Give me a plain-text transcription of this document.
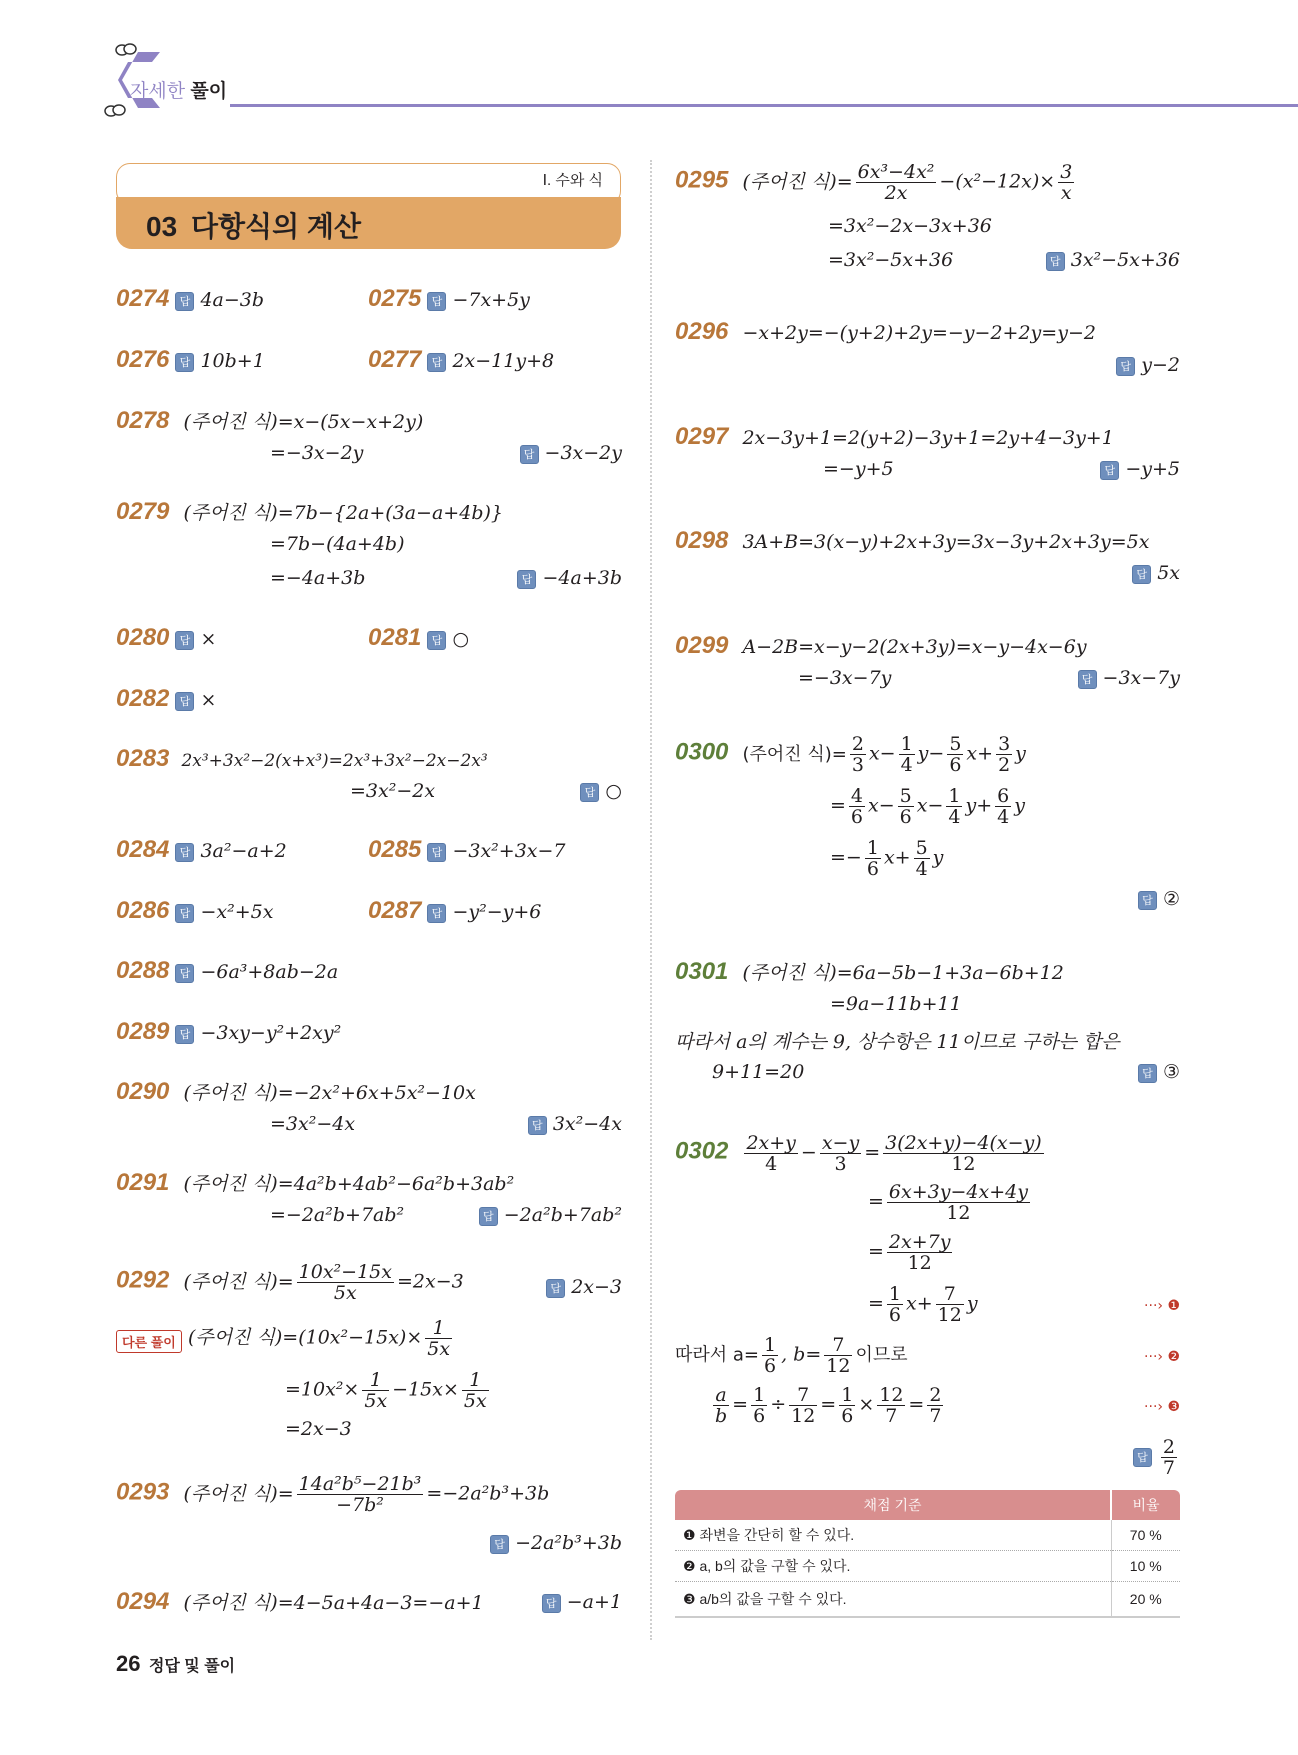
자세한 풀이
Ⅰ. 수와 식
03 다항식의 계산
0274 답 4a−3b	0275 답 −7x+5y
0276 답 10b+1	0277 답 2x−11y+8
0278 (주어진 식)=x−(5x−x+2y)
=−3x−2y	답 −3x−2y
0279 (주어진 식)=7b−{2a+(3a−a+4b)}
=7b−(4a+4b)
=−4a+3b	답 −4a+3b
0280 답 ×	0281 답 ○
0282 답 ×
0283 2x³+3x²−2(x+x³)=2x³+3x²−2x−2x³
=3x²−2x	답 ○
0284 답 3a²−a+2	0285 답 −3x²+3x−7
0286 답 −x²+5x	0287 답 −y²−y+6
0288 답 −6a³+8ab−2a
0289 답 −3xy−y²+2xy²
0290 (주어진 식)=−2x²+6x+5x²−10x
=3x²−4x	답 3x²−4x
0291 (주어진 식)=4a²b+4ab²−6a²b+3ab²
=−2a²b+7ab²	답 −2a²b+7ab²
0292 (주어진 식)= $\frac{\text{10x²−15x}}{5x} =2x-3$	답 2x−3
다른 풀이 (주어진 식)$=(10x^2-15x)\times \frac{1}{5x}$
$=10x^2\times \frac{1}{5x} -15x\times \frac{1}{5x}$
=2x−3
0293 (주어진 식)= $\frac{\text{14a²b⁵−21b³}}{\text{−7b²}} =-2a^2b^3+3b$
답 −2a²b³+3b
0294 (주어진 식)=4−5a+4a−3=−a+1	답 −a+1
0295 (주어진 식)= $\frac{\text{6x³−4x²}}{2x} -(x^2-12x)\times \frac{3}{x}$
=3x²−2x−3x+36
=3x²−5x+36	답 3x²−5x+36
0296 −x+2y=−(y+2)+2y=−y−2+2y=y−2
답 y−2
0297 2x−3y+1=2(y+2)−3y+1=2y+4−3y+1
=−y+5	답 −y+5
0298 3A+B=3(x−y)+2x+3y=3x−3y+2x+3y=5x
답 5x
0299 A−2B=x−y−2(2x+3y)=x−y−4x−6y
=−3x−7y	답 −3x−7y
0300 (주어진 식)= $\frac{2}{3} x- \frac{1}{4} y- \frac{5}{6} x+ \frac{3}{2}$ y
= $\frac{4}{6} x- \frac{5}{6} x- \frac{1}{4} y+ \frac{6}{4}$ y
=− $\frac{1}{6} x+ \frac{5}{4}$ y
답 ②
0301 (주어진 식)=6a−5b−1+3a−6b+12
=9a−11b+11
따라서 a의 계수는 9, 상수항은 11이므로 구하는 합은
9+11=20	답 ③
$0302 \frac{2x+y}{4} - \frac{x-y}{3} = \frac{3(2x+y)-4(x-y)}{12}$
= $\frac{6x+3y-4x+4y}{12}$
= $\frac{2x+7y}{12}$
= $\frac{1}{6} x+ \frac{7}{12}$ y	···› ❶
따라서 $a= \frac{1}{6}$ , $b= \frac{7}{12}$ 이므로	···› ❷
$\frac{a}{b} = \frac{1}{6} \div \frac{7}{12} = \frac{1}{6} \times \frac{12}{7} = \frac{2}{7}$	···› ❸
답 $\frac{2}{7}$
채점 기준	비율
❶ 좌변을 간단히 할 수 있다.	70 %
❷ a, b의 값을 구할 수 있다.	10 %
❸ a/b의 값을 구할 수 있다.	20 %
26 정답 및 풀이
